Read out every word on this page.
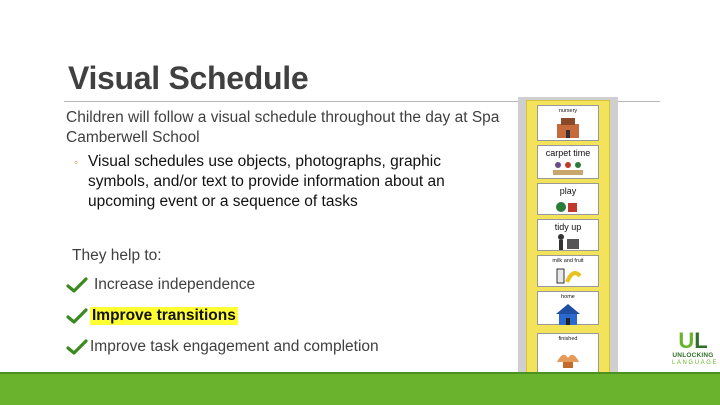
Visual Schedule
Children will follow a visual schedule throughout the day at Spa Camberwell School
◦ Visual schedules use objects, photographs, graphic symbols, and/or text to provide information about an upcoming event or a sequence of tasks
They help to:
Increase independence
Improve transitions
Improve task engagement and completion
nursery
carpet time
play
tidy up
milk and fruit
home
finished	UL
UNLOCKING
LANGUAGE
